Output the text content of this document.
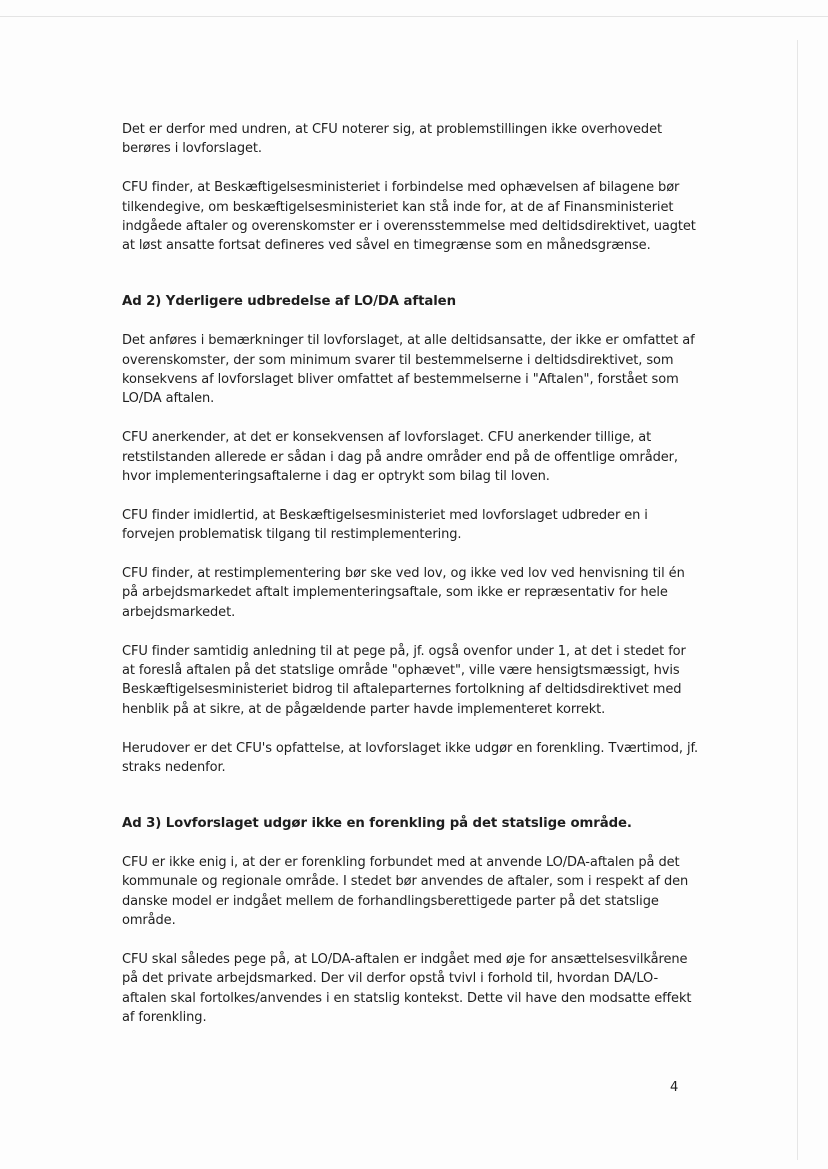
Det er derfor med undren, at CFU noterer sig, at problemstillingen ikke overhovedet berøres i lovforslaget.

CFU finder, at Beskæftigelsesministeriet i forbindelse med ophævelsen af bilagene bør tilkendegive, om beskæftigelsesministeriet kan stå inde for, at de af Finansministeriet indgåede aftaler og overenskomster er i overensstemmelse med deltidsdirektivet, uagtet at løst ansatte fortsat defineres ved såvel en timegrænse som en månedsgrænse.

Ad 2) Yderligere udbredelse af LO/DA aftalen

Det anføres i bemærkninger til lovforslaget, at alle deltidsansatte, der ikke er omfattet af overenskomster, der som minimum svarer til bestemmelserne i deltidsdirektivet, som konsekvens af lovforslaget bliver omfattet af bestemmelserne i "Aftalen", forstået som LO/DA aftalen.

CFU anerkender, at det er konsekvensen af lovforslaget. CFU anerkender tillige, at retstilstanden allerede er sådan i dag på andre områder end på de offentlige områder, hvor implementeringsaftalerne i dag er optrykt som bilag til loven.

CFU finder imidlertid, at Beskæftigelsesministeriet med lovforslaget udbreder en i forvejen problematisk tilgang til restimplementering.

CFU finder, at restimplementering bør ske ved lov, og ikke ved lov ved henvisning til én på arbejdsmarkedet aftalt implementeringsaftale, som ikke er repræsentativ for hele arbejdsmarkedet.

CFU finder samtidig anledning til at pege på, jf. også ovenfor under 1, at det i stedet for at foreslå aftalen på det statslige område "ophævet", ville være hensigtsmæssigt, hvis Beskæftigelsesministeriet bidrog til aftaleparternes fortolkning af deltidsdirektivet med henblik på at sikre, at de pågældende parter havde implementeret korrekt.

Herudover er det CFU's opfattelse, at lovforslaget ikke udgør en forenkling. Tværtimod, jf. straks nedenfor.

Ad 3) Lovforslaget udgør ikke en forenkling på det statslige område.

CFU er ikke enig i, at der er forenkling forbundet med at anvende LO/DA-aftalen på det kommunale og regionale område. I stedet bør anvendes de aftaler, som i respekt af den danske model er indgået mellem de forhandlingsberettigede parter på det statslige område.

CFU skal således pege på, at LO/DA-aftalen er indgået med øje for ansættelsesvilkårene på det private arbejdsmarked. Der vil derfor opstå tvivl i forhold til, hvordan DA/LO-aftalen skal fortolkes/anvendes i en statslig kontekst. Dette vil have den modsatte effekt af forenkling.

4
